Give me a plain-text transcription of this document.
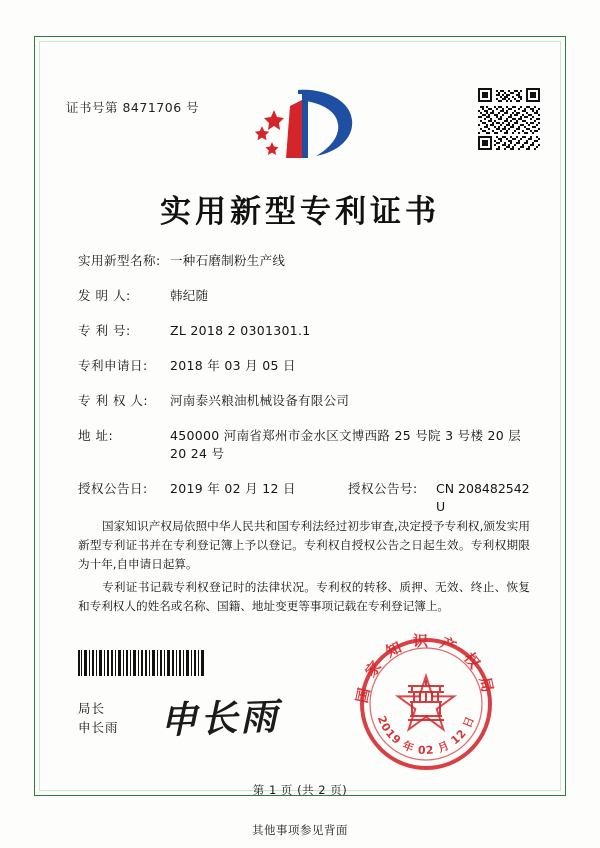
证书号第 8471706 号
实用新型专利证书
实用新型名称: 一种石磨制粉生产线
发 明 人:	韩纪随
专 利 号:	ZL 2018 2 0301301.1
专利申请日:	2018 年 03 月 05 日
专 利 权 人:	河南泰兴粮油机械设备有限公司
地 址:	450000 河南省郑州市金水区文博西路 25 号院 3 号楼 20 层 20 24 号
授权公告日:	2019 年 02 月 12 日	授权公告号:	CN 208482542 U

国家知识产权局依照中华人民共和国专利法经过初步审查,决定授予专利权,颁发实用新型专利证书并在专利登记簿上予以登记。专利权自授权公告之日起生效。专利权期限为十年,自申请日起算。

专利证书记载专利权登记时的法律状况。专利权的转移、质押、无效、终止、恢复和专利权人的姓名或名称、国籍、地址变更等事项记载在专利登记簿上。

局长
申长雨 申长雨
国家知识产权局
2019 年 02 月 12 日
第 1 页 (共 2 页)
其他事项参见背面
